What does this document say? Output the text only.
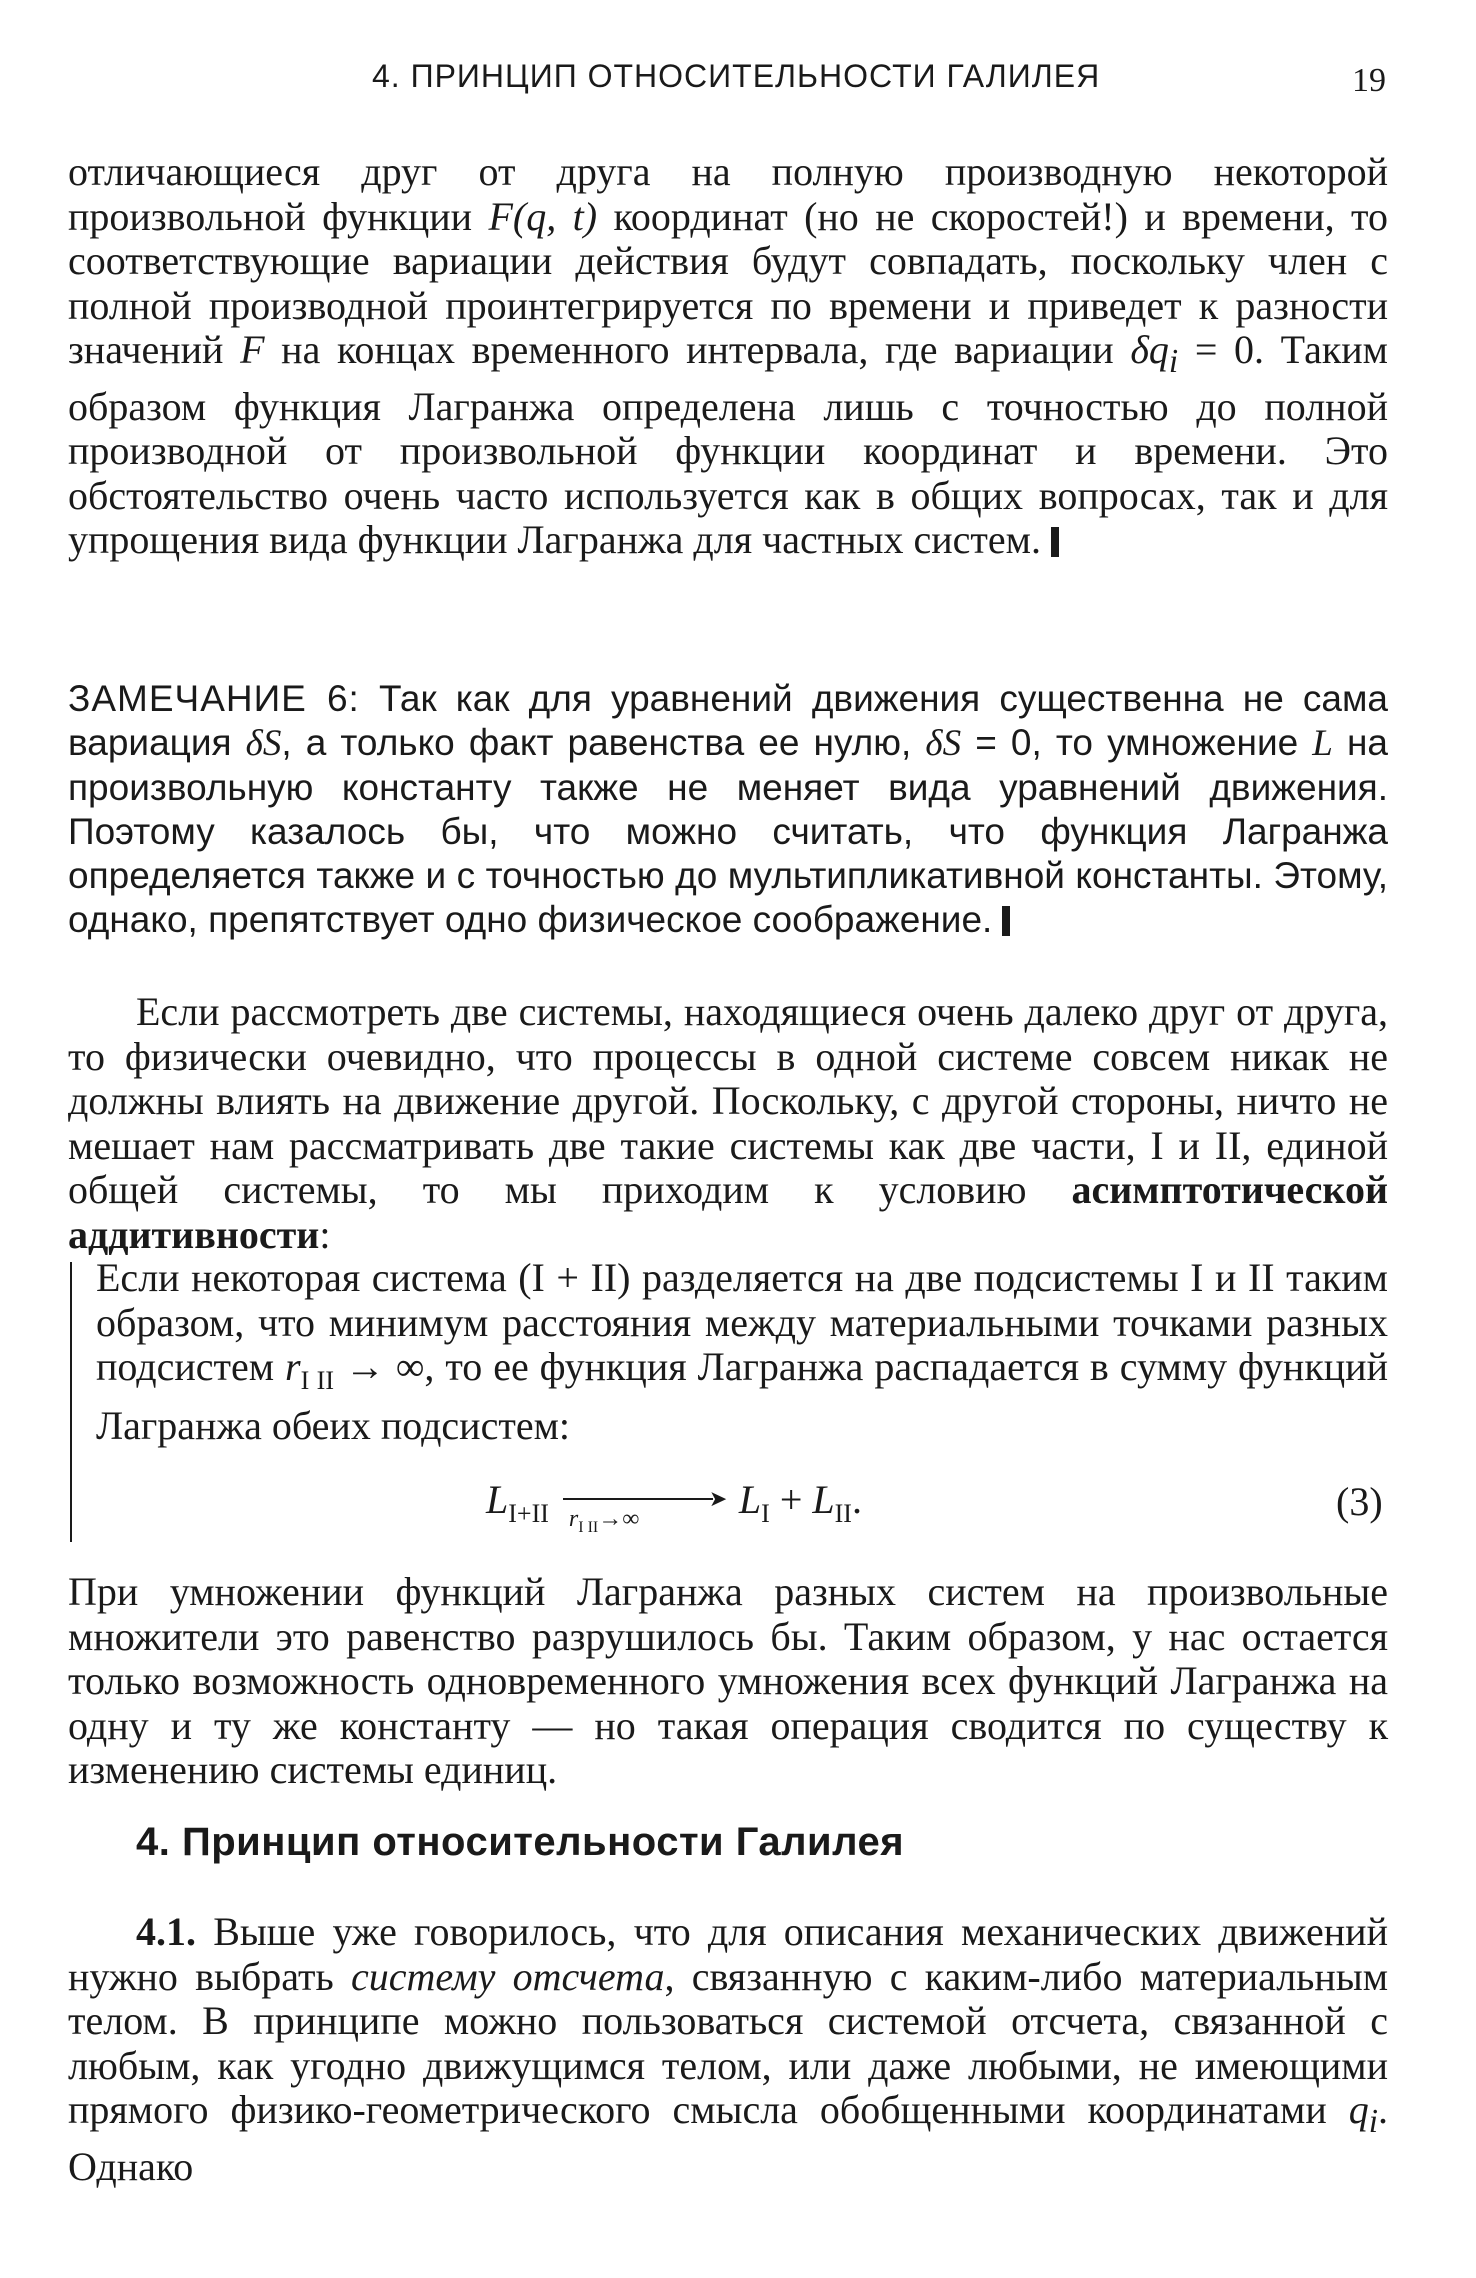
4. ПРИНЦИП ОТНОСИТЕЛЬНОСТИ ГАЛИЛЕЯ	19

отличающиеся друг от друга на полную производную некоторой произвольной функции F(q, t) координат (но не скоростей!) и времени, то соответствующие вариации действия будут совпадать, поскольку член с полной производной проинтегрируется по времени и приведет к разности значений F на концах временного интервала, где вариации $\delta q_i = 0$. Таким образом функция Лагранжа определена лишь с точностью до полной производной от произвольной функции координат и времени. Это обстоятельство очень часто используется как в общих вопросах, так и для упрощения вида функции Лагранжа для частных систем.

ЗАМЕЧАНИЕ 6: Так как для уравнений движения существенна не сама вариация δS, а только факт равенства ее нулю, δS = 0, то умножение L на произвольную константу также не меняет вида уравнений движения. Поэтому казалось бы, что можно считать, что функция Лагранжа определяется также и с точностью до мультипликативной константы. Этому, однако, препятствует одно физическое соображение.

Если рассмотреть две системы, находящиеся очень далеко друг от друга, то физически очевидно, что процессы в одной системе совсем никак не должны влиять на движение другой. Поскольку, с другой стороны, ничто не мешает нам рассматривать две такие системы как две части, I и II, единой общей системы, то мы приходим к условию асимптотической аддитивности:

Если некоторая система (I + II) разделяется на две подсистемы I и II таким образом, что минимум расстояния между материальными точками разных подсистем $r_{I II}$ → ∞, то ее функция Лагранжа распадается в сумму функций Лагранжа обеих подсистем:

$L_{I+II}$
➤
$r_{I II}\to\infty$ $L_I + L_{II}$.	(3)

При умножении функций Лагранжа разных систем на произвольные множители это равенство разрушилось бы. Таким образом, у нас остается только возможность одновременного умножения всех функций Лагранжа на одну и ту же константу — но такая операция сводится по существу к изменению системы единиц.

4. Принцип относительности Галилея

4.1. Выше уже говорилось, что для описания механических движений нужно выбрать систему отсчета, связанную с каким-либо материальным телом. В принципе можно пользоваться системой отсчета, связанной с любым, как угодно движущимся телом, или даже любыми, не имеющими прямого физико-геометрического смысла обобщенными координатами $q_i$. Однако
